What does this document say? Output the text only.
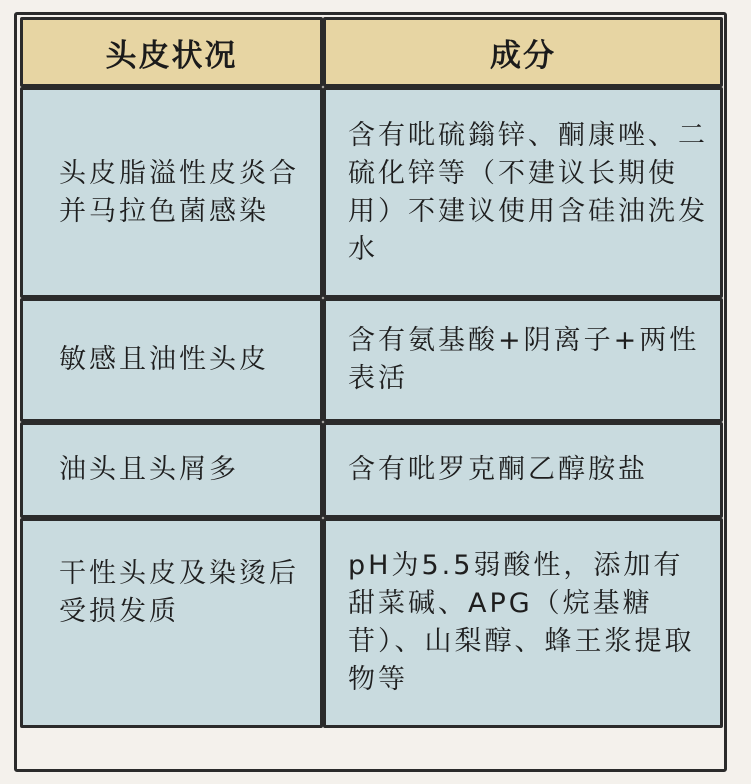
头皮状况	成分
头皮脂溢性皮炎合并马拉色菌感染
含有吡硫鎓锌、酮康唑、二硫化锌等（不建议长期使用）不建议使用含硅油洗发水
敏感且油性头皮
含有氨基酸+阴离子+两性表活
油头且头屑多	含有吡罗克酮乙醇胺盐
干性头皮及染烫后受损发质
pH为5.5弱酸性，添加有甜菜碱、APG（烷基糖苷）、山梨醇、蜂王浆提取物等
